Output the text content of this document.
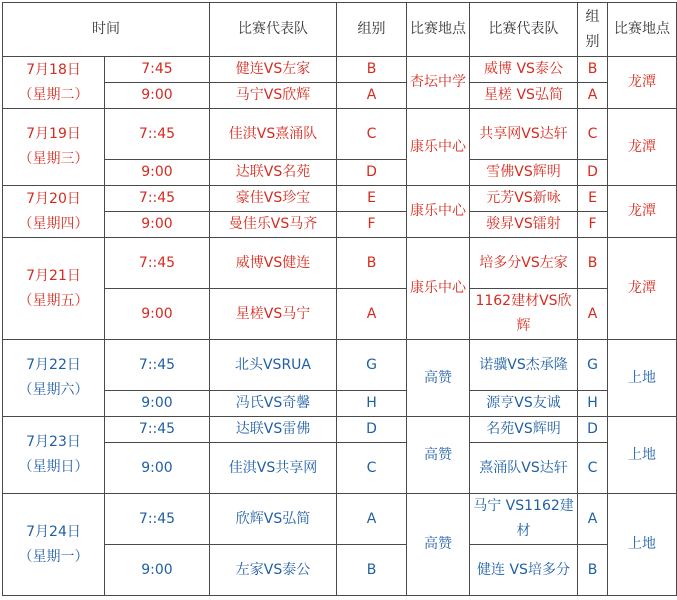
时间		比赛代表队	组别	比赛地点	比赛代表队	组别	比赛地点
7月18日
（星期二）	7:45	健连VS左家	B	杏坛中学	威博 VS泰公	B	龙潭
	9:00	马宁VS欣辉	A		星槎 VS弘简	A	
7月19日
（星期三）	7::45	佳淇VS熹涌队	C	康乐中心	共享网VS达轩	C	龙潭
	9:00	达联VS名苑	D		雪佛VS辉明	D	
7月20日
（星期四）	7::45	豪佳VS珍宝	E	康乐中心	元芳VS新咏	E	龙潭
	9:00	曼佳乐VS马齐	F		骏昇VS镭射	F	
7月21日
（星期五）	7::45	威博VS健连	B	康乐中心	培多分VS左家	B	龙潭
	9:00	星槎VS马宁	A		1162建材VS欣辉	A	
7月22日
（星期六）	7::45	北头VSRUA	G	高赞	诺骥VS杰承隆	G	上地
	9:00	冯氏VS奇馨	H		源亨VS友诚	H	
7月23日
（星期日）	7::45	达联VS雷佛	D	高赞	名苑VS辉明	D	上地
	9:00	佳淇VS共享网	C		熹涌队VS达轩	C	
7月24日
（星期一）	7::45	欣辉VS弘简	A	高赞	马宁 VS1162建材	A	上地
	9:00	左家VS泰公	B		健连 VS培多分	B	
